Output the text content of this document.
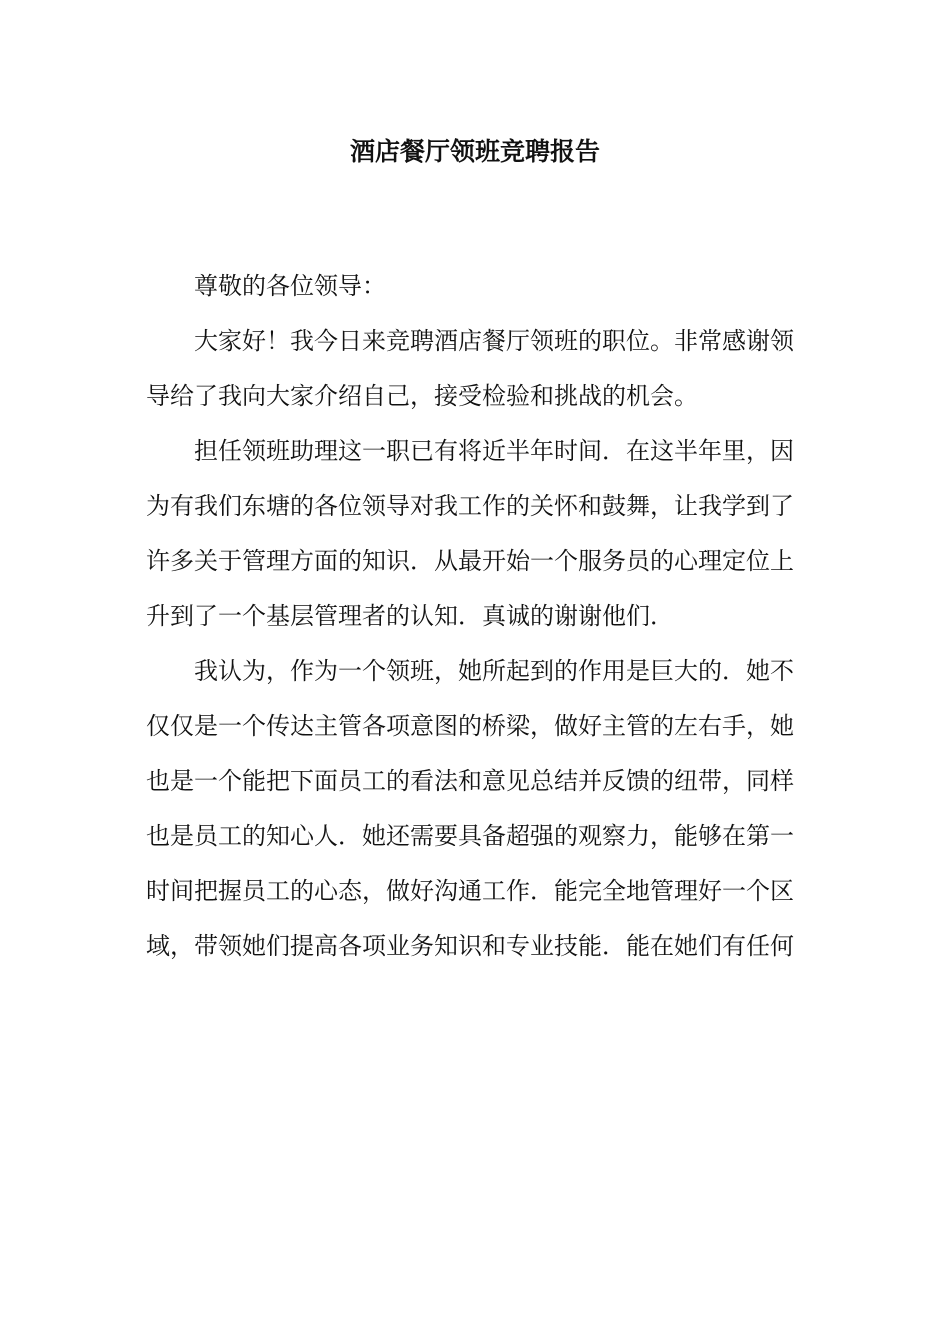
酒店餐厅领班竞聘报告
尊敬的各位领导：
大家好！我今日来竞聘酒店餐厅领班的职位。非常感谢领
导给了我向大家介绍自己，接受检验和挑战的机会。
担任领班助理这一职已有将近半年时间．在这半年里，因
为有我们东塘的各位领导对我工作的关怀和鼓舞，让我学到了
许多关于管理方面的知识．从最开始一个服务员的心理定位上
升到了一个基层管理者的认知．真诚的谢谢他们．
我认为，作为一个领班，她所起到的作用是巨大的．她不
仅仅是一个传达主管各项意图的桥梁，做好主管的左右手，她
也是一个能把下面员工的看法和意见总结并反馈的纽带，同样
也是员工的知心人．她还需要具备超强的观察力，能够在第一
时间把握员工的心态，做好沟通工作．能完全地管理好一个区
域，带领她们提高各项业务知识和专业技能．能在她们有任何
